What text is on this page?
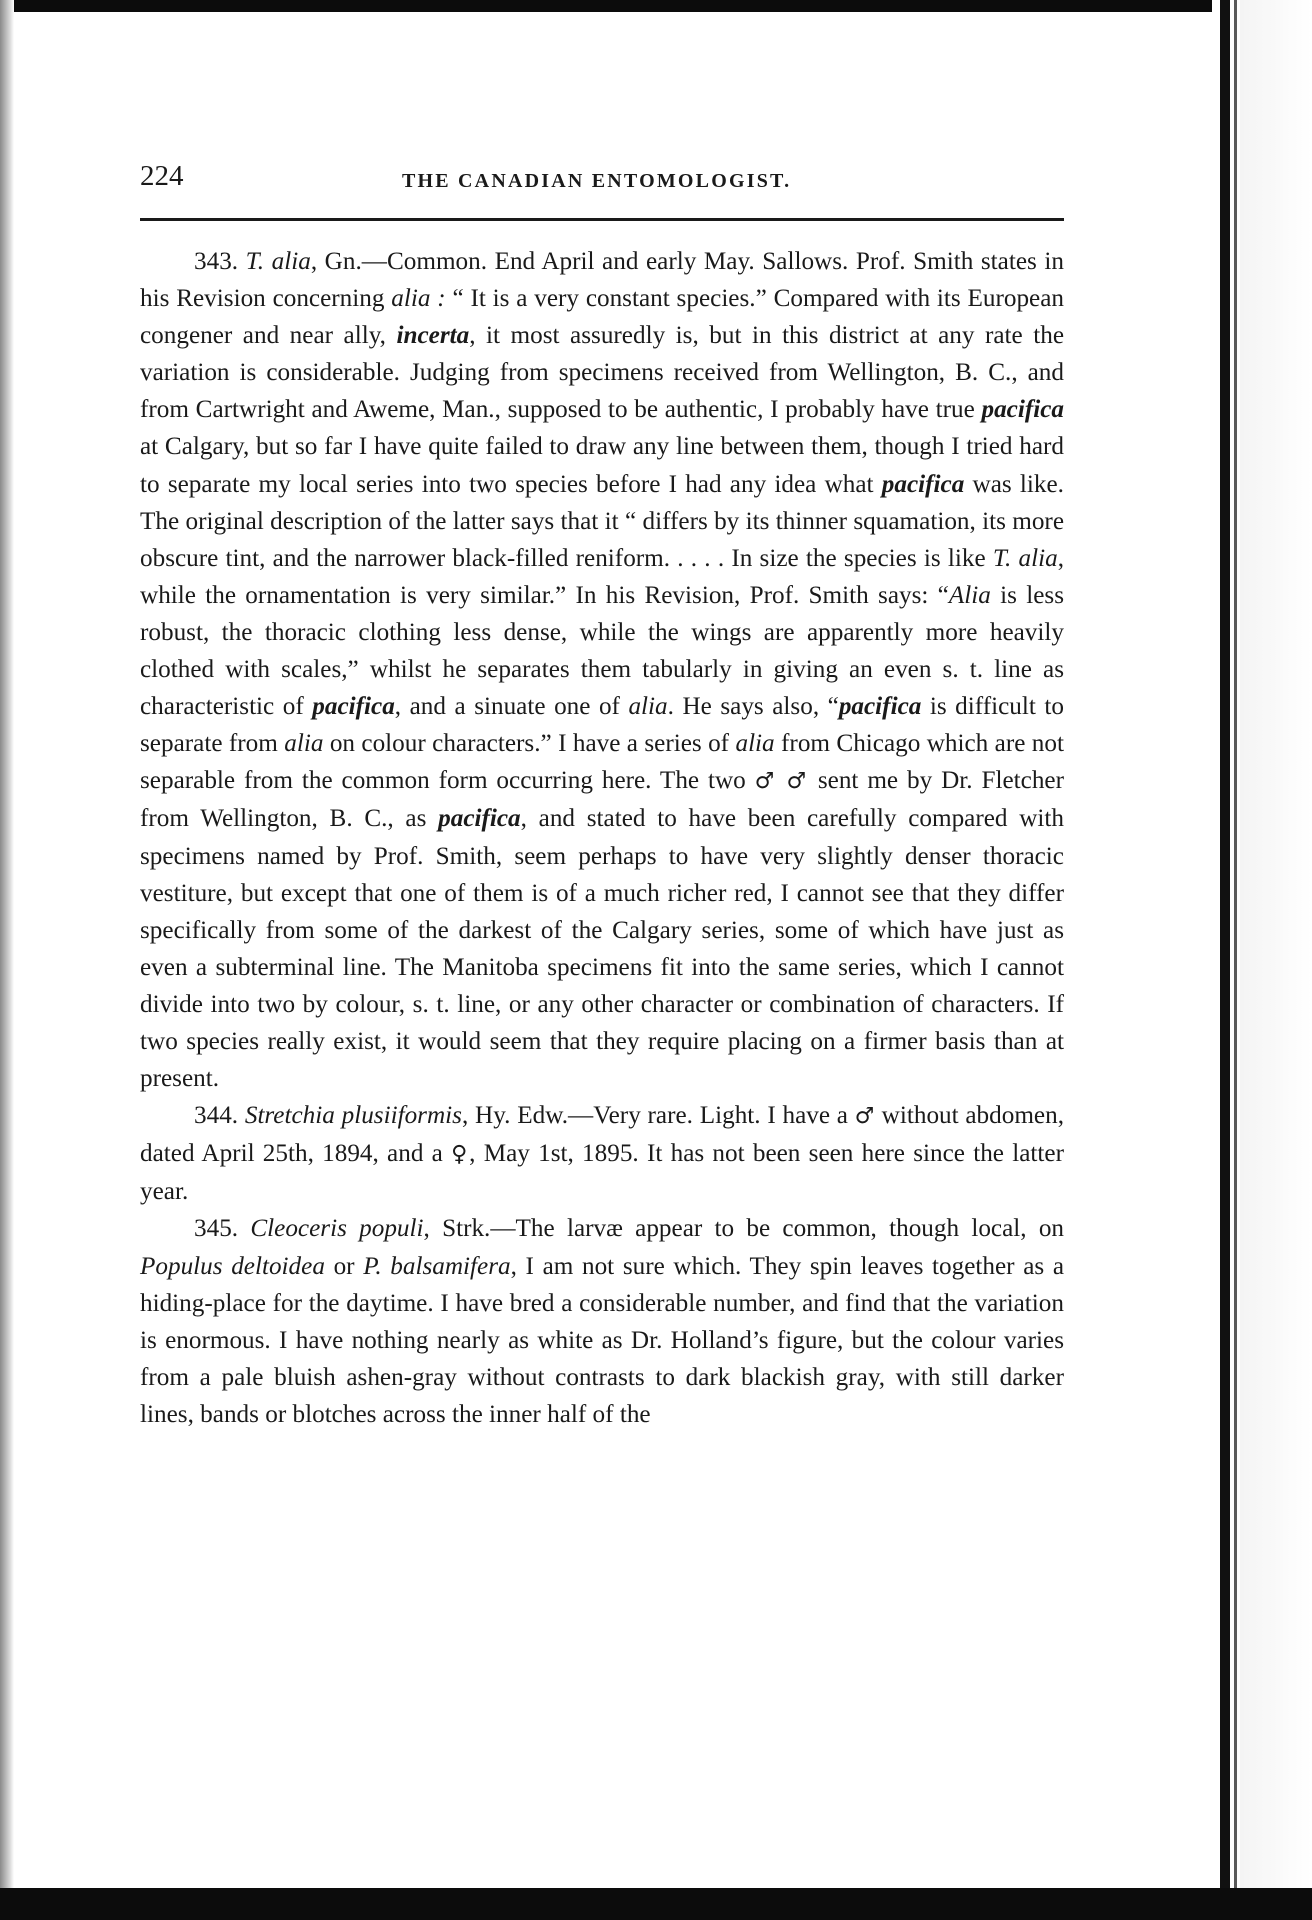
224	THE CANADIAN ENTOMOLOGIST.

343. T. alia, Gn.—Common. End April and early May. Sallows. Prof. Smith states in his Revision concerning alia : “ It is a very constant species.” Compared with its European congener and near ally, incerta, it most assuredly is, but in this district at any rate the variation is considerable. Judging from specimens received from Wellington, B. C., and from Cartwright and Aweme, Man., supposed to be authentic, I probably have true pacifica at Calgary, but so far I have quite failed to draw any line between them, though I tried hard to separate my local series into two species before I had any idea what pacifica was like. The original description of the latter says that it “ differs by its thinner squamation, its more obscure tint, and the narrower black-filled reniform. . . . . In size the species is like T. alia, while the ornamentation is very similar.” In his Revision, Prof. Smith says: “Alia is less robust, the thoracic clothing less dense, while the wings are apparently more heavily clothed with scales,” whilst he separates them tabularly in giving an even s. t. line as characteristic of pacifica, and a sinuate one of alia. He says also, “pacifica is difficult to separate from alia on colour characters.” I have a series of alia from Chicago which are not separable from the common form occurring here. The two ♂ ♂ sent me by Dr. Fletcher from Wellington, B. C., as pacifica, and stated to have been carefully compared with specimens named by Prof. Smith, seem perhaps to have very slightly denser thoracic vestiture, but except that one of them is of a much richer red, I cannot see that they differ specifically from some of the darkest of the Calgary series, some of which have just as even a subterminal line. The Manitoba specimens fit into the same series, which I cannot divide into two by colour, s. t. line, or any other character or combination of characters. If two species really exist, it would seem that they require placing on a firmer basis than at present.

344. Stretchia plusiiformis, Hy. Edw.—Very rare. Light. I have a ♂ without abdomen, dated April 25th, 1894, and a ♀, May 1st, 1895. It has not been seen here since the latter year.

345. Cleoceris populi, Strk.—The larvæ appear to be common, though local, on Populus deltoidea or P. balsamifera, I am not sure which. They spin leaves together as a hiding-place for the daytime. I have bred a considerable number, and find that the variation is enormous. I have nothing nearly as white as Dr. Holland’s figure, but the colour varies from a pale bluish ashen-gray without contrasts to dark blackish gray, with still darker lines, bands or blotches across the inner half of the
